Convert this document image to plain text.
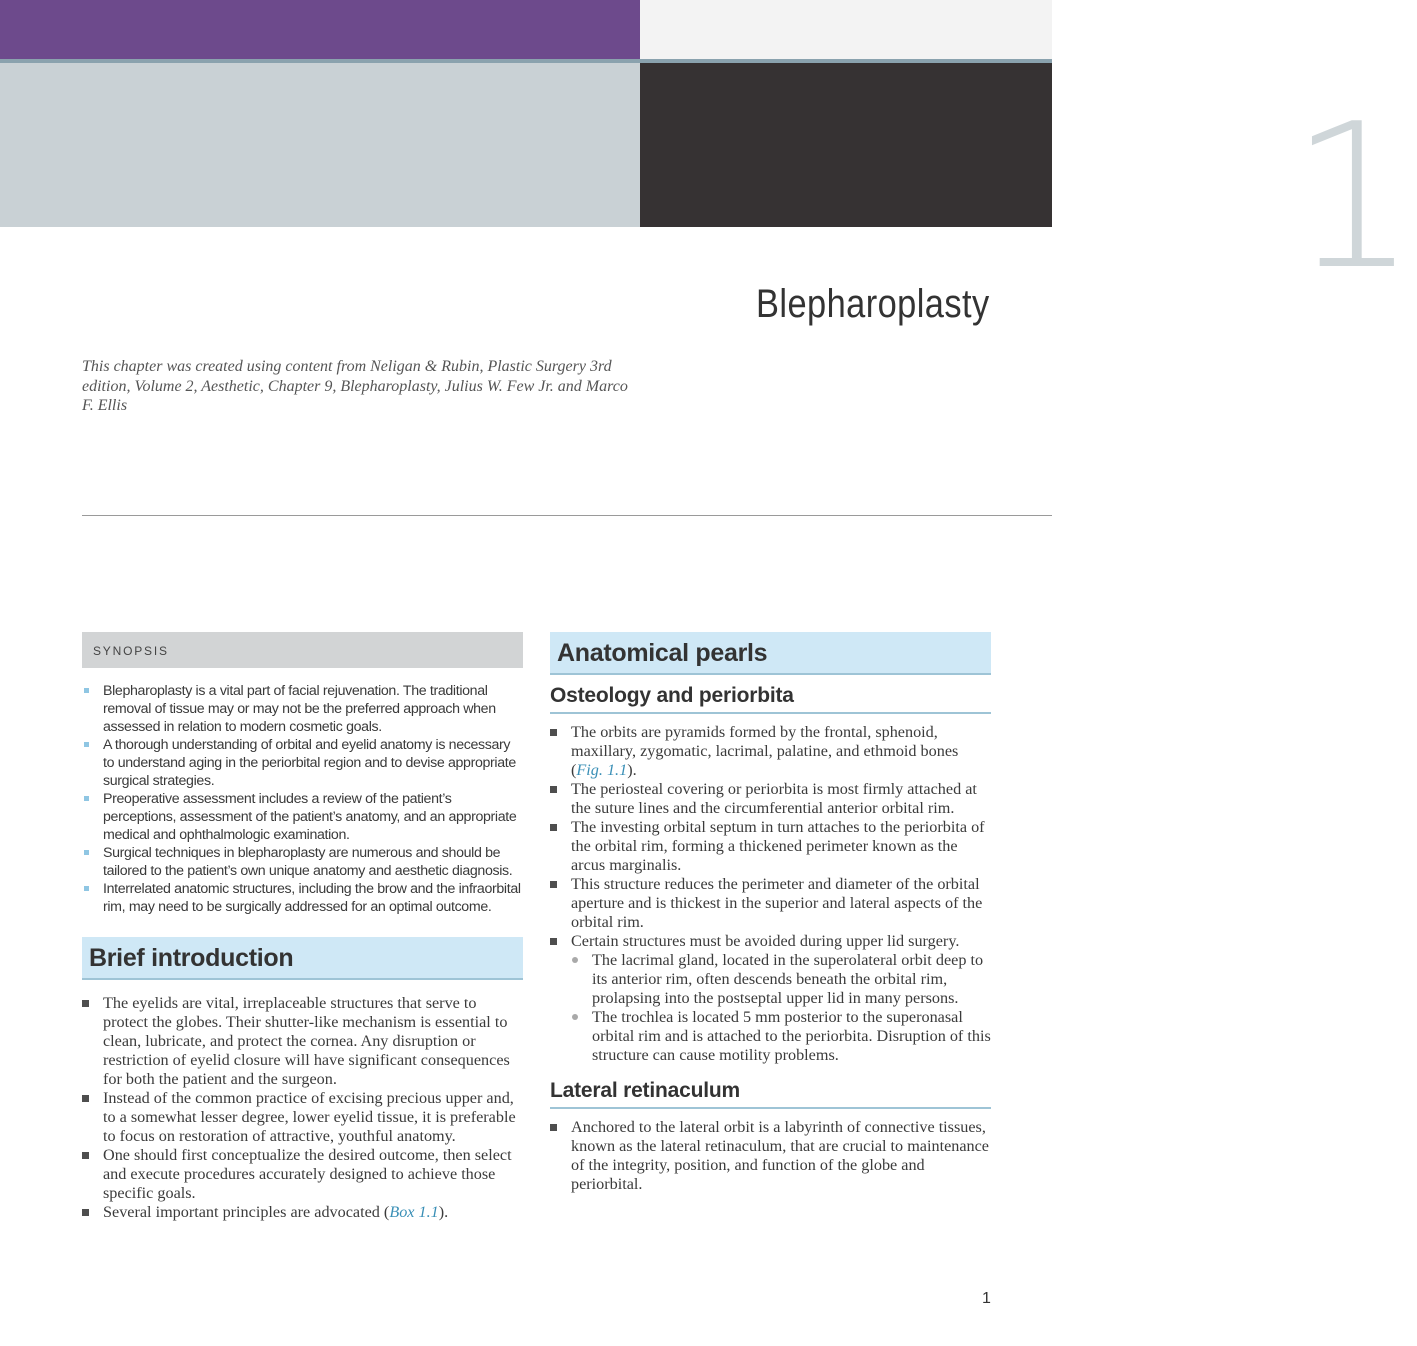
1
Blepharoplasty
This chapter was created using content from Neligan & Rubin, Plastic Surgery 3rd edition, Volume 2, Aesthetic, Chapter 9, Blepharoplasty, Julius W. Few Jr. and Marco F. Ellis
SYNOPSIS
Blepharoplasty is a vital part of facial rejuvenation. The traditional removal of tissue may or may not be the preferred approach when assessed in relation to modern cosmetic goals.
A thorough understanding of orbital and eyelid anatomy is necessary to understand aging in the periorbital region and to devise appropriate surgical strategies.
Preoperative assessment includes a review of the patient’s perceptions, assessment of the patient’s anatomy, and an appropriate medical and ophthalmologic examination.
Surgical techniques in blepharoplasty are numerous and should be tailored to the patient’s own unique anatomy and aesthetic diagnosis.
Interrelated anatomic structures, including the brow and the infraorbital rim, may need to be surgically addressed for an optimal outcome.
Brief introduction
The eyelids are vital, irreplaceable structures that serve to protect the globes. Their shutter-like mechanism is essential to clean, lubricate, and protect the cornea. Any disruption or restriction of eyelid closure will have significant consequences for both the patient and the surgeon.
Instead of the common practice of excising precious upper and, to a somewhat lesser degree, lower eyelid tissue, it is preferable to focus on restoration of attractive, youthful anatomy.
One should first conceptualize the desired outcome, then select and execute procedures accurately designed to achieve those specific goals.
Several important principles are advocated (Box 1.1).
Anatomical pearls
Osteology and periorbita
The orbits are pyramids formed by the frontal, sphenoid, maxillary, zygomatic, lacrimal, palatine, and ethmoid bones (Fig. 1.1).
The periosteal covering or periorbita is most firmly attached at the suture lines and the circumferential anterior orbital rim.
The investing orbital septum in turn attaches to the periorbita of the orbital rim, forming a thickened perimeter known as the arcus marginalis.
This structure reduces the perimeter and diameter of the orbital aperture and is thickest in the superior and lateral aspects of the orbital rim.
Certain structures must be avoided during upper lid surgery.
The lacrimal gland, located in the superolateral orbit deep to its anterior rim, often descends beneath the orbital rim, prolapsing into the postseptal upper lid in many persons.
The trochlea is located 5 mm posterior to the superonasal orbital rim and is attached to the periorbita. Disruption of this structure can cause motility problems.
Lateral retinaculum
Anchored to the lateral orbit is a labyrinth of connective tissues, known as the lateral retinaculum, that are crucial to maintenance of the integrity, position, and function of the globe and periorbital.
1
